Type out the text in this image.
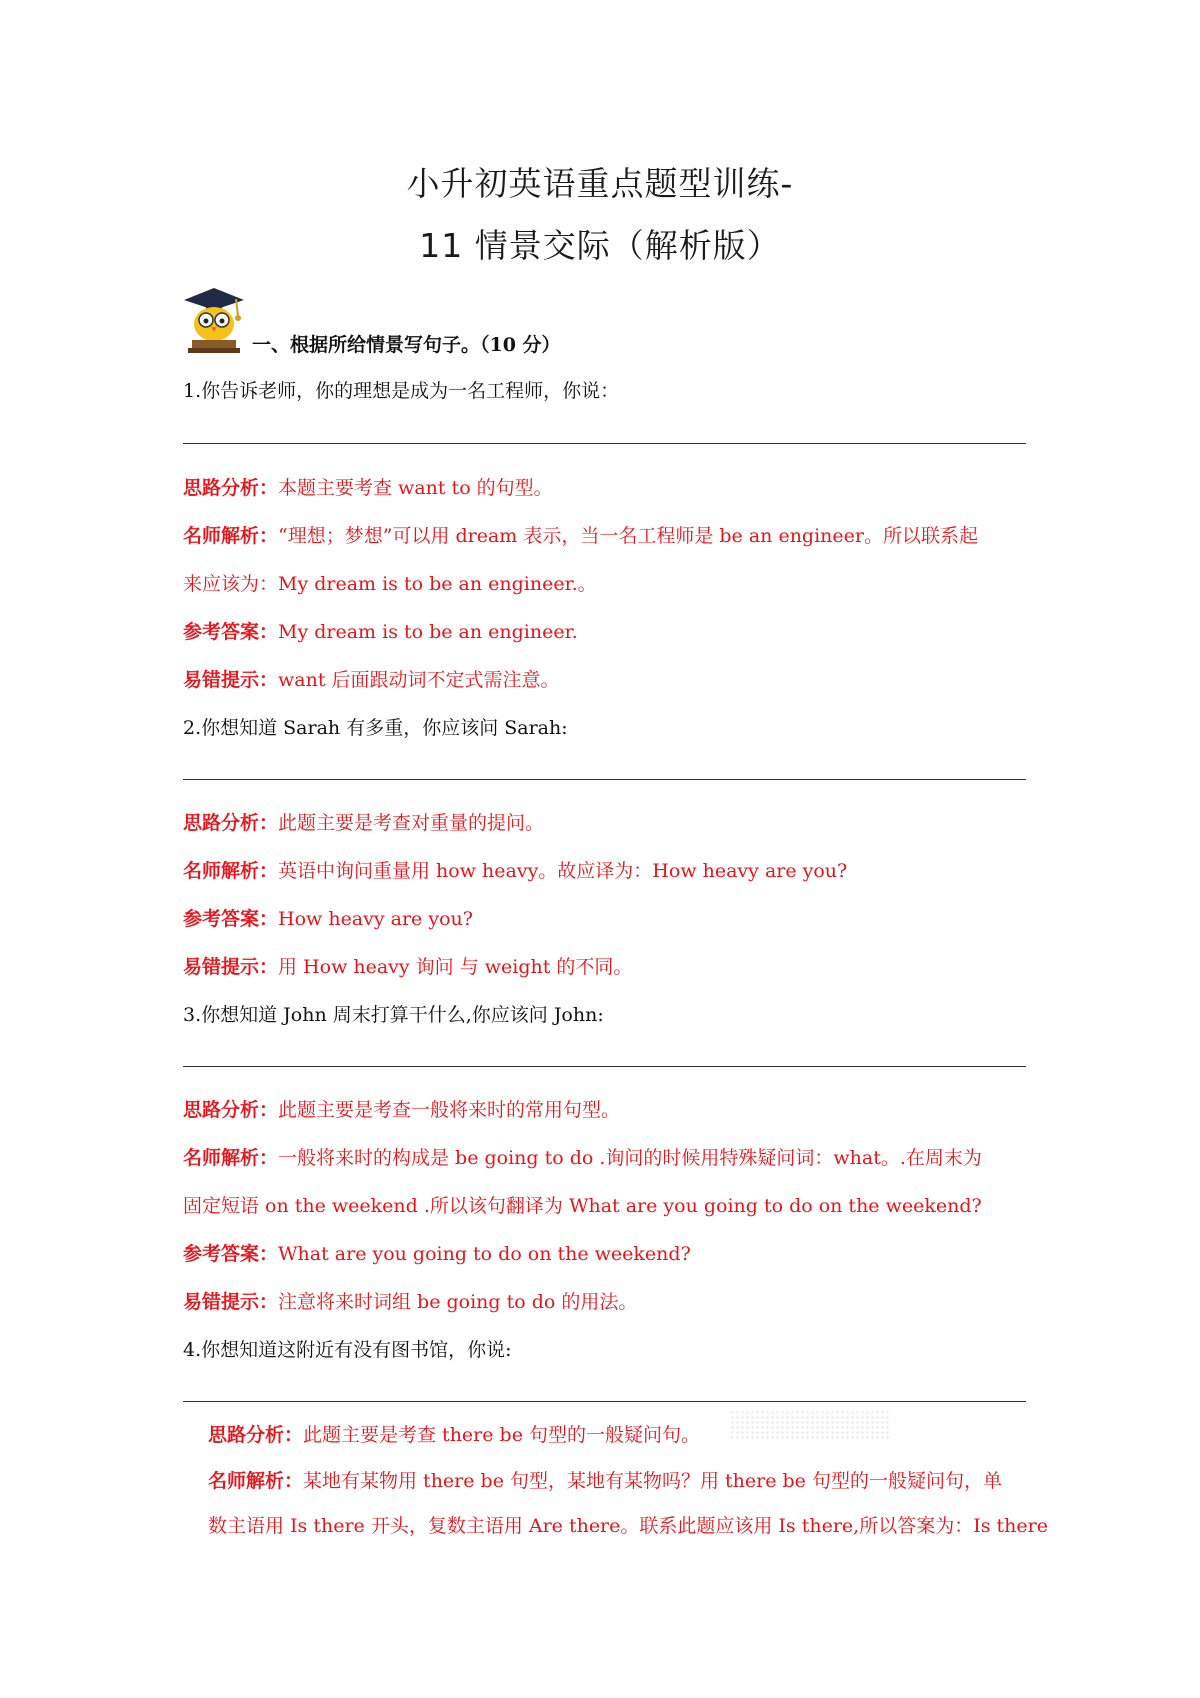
小升初英语重点题型训练-
11 情景交际（解析版）
一、根据所给情景写句子。（10 分）
1.你告诉老师，你的理想是成为一名工程师，你说：
思路分析：本题主要考查 want to 的句型。
名师解析：“理想；梦想”可以用 dream 表示，当一名工程师是 be an engineer。所以联系起
来应该为：My dream is to be an engineer.。
参考答案：My dream is to be an engineer.
易错提示：want 后面跟动词不定式需注意。
2.你想知道 Sarah 有多重，你应该问 Sarah:
思路分析：此题主要是考查对重量的提问。
名师解析：英语中询问重量用 how heavy。故应译为：How heavy are you?
参考答案：How heavy are you?
易错提示：用 How heavy 询问 与 weight 的不同。
3.你想知道 John 周末打算干什么,你应该问 John:
思路分析：此题主要是考查一般将来时的常用句型。
名师解析：一般将来时的构成是 be going to do .询问的时候用特殊疑问词：what。.在周末为
固定短语 on the weekend .所以该句翻译为 What are you going to do on the weekend?
参考答案：What are you going to do on the weekend?
易错提示：注意将来时词组 be going to do 的用法。
4.你想知道这附近有没有图书馆，你说:
思路分析：此题主要是考查 there be 句型的一般疑问句。
名师解析：某地有某物用 there be 句型，某地有某物吗？用 there be 句型的一般疑问句，单
数主语用 Is there 开头，复数主语用 Are there。联系此题应该用 Is there,所以答案为：Is there
